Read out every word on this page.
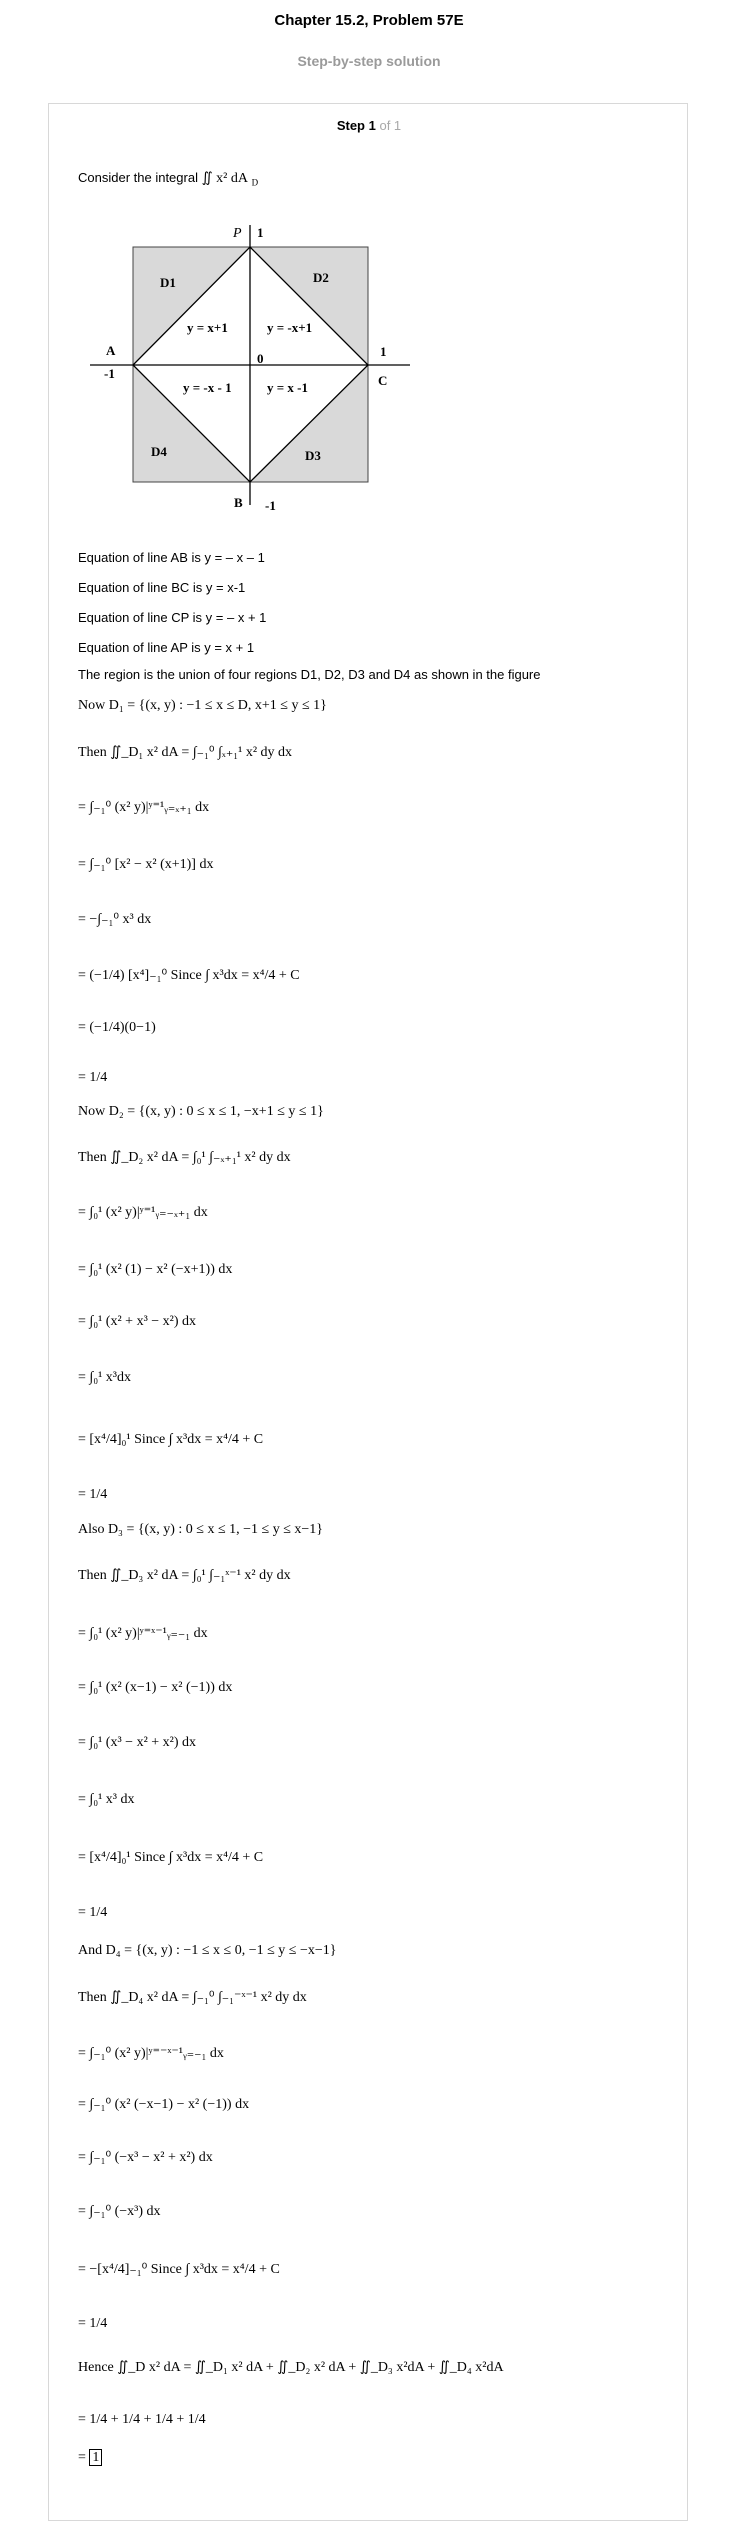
Chapter 15.2, Problem 57E
Step-by-step solution
Step 1 of 1
Consider the integral ∬ x² dA $_D$
P 1
A
-1
1
C
B -1
0
D1	D2
D3
D4
y = x+1	y = -x+1
y = -x - 1	y = x -1
Equation of line AB is y = – x – 1
Equation of line BC is y = x-1
Equation of line CP is y = – x + 1
Equation of line AP is y = x + 1
The region is the union of four regions D1, D2, D3 and D4 as shown in the figure
Now D₁ = {(x, y) : −1 ≤ x ≤ D, x+1 ≤ y ≤ 1}
Then ∬_D₁ x² dA = ∫₋₁⁰ ∫ₓ₊₁¹ x² dy dx
= ∫₋₁⁰ (x² y)|ʸ⁼¹ᵧ₌ₓ₊₁ dx
= ∫₋₁⁰ [x² − x² (x+1)] dx
= −∫₋₁⁰ x³ dx
= (−1/4) [x⁴]₋₁⁰ Since ∫ x³dx = x⁴/4 + C
= (−1/4)(0−1)
= 1/4
Now D₂ = {(x, y) : 0 ≤ x ≤ 1, −x+1 ≤ y ≤ 1}
Then ∬_D₂ x² dA = ∫₀¹ ∫₋ₓ₊₁¹ x² dy dx
= ∫₀¹ (x² y)|ʸ⁼¹ᵧ₌₋ₓ₊₁ dx
= ∫₀¹ (x² (1) − x² (−x+1)) dx
= ∫₀¹ (x² + x³ − x²) dx
= ∫₀¹ x³dx
= [x⁴/4]₀¹ Since ∫ x³dx = x⁴/4 + C
= 1/4
Also D₃ = {(x, y) : 0 ≤ x ≤ 1, −1 ≤ y ≤ x−1}
Then ∬_D₃ x² dA = ∫₀¹ ∫₋₁ˣ⁻¹ x² dy dx
= ∫₀¹ (x² y)|ʸ⁼ˣ⁻¹ᵧ₌₋₁ dx
= ∫₀¹ (x² (x−1) − x² (−1)) dx
= ∫₀¹ (x³ − x² + x²) dx
= ∫₀¹ x³ dx
= [x⁴/4]₀¹ Since ∫ x³dx = x⁴/4 + C
= 1/4
And D₄ = {(x, y) : −1 ≤ x ≤ 0, −1 ≤ y ≤ −x−1}
Then ∬_D₄ x² dA = ∫₋₁⁰ ∫₋₁⁻ˣ⁻¹ x² dy dx
= ∫₋₁⁰ (x² y)|ʸ⁼⁻ˣ⁻¹ᵧ₌₋₁ dx
= ∫₋₁⁰ (x² (−x−1) − x² (−1)) dx
= ∫₋₁⁰ (−x³ − x² + x²) dx
= ∫₋₁⁰ (−x³) dx
= −[x⁴/4]₋₁⁰ Since ∫ x³dx = x⁴/4 + C
= 1/4
Hence ∬_D x² dA = ∬_D₁ x² dA + ∬_D₂ x² dA + ∬_D₃ x²dA + ∬_D₄ x²dA
= 1/4 + 1/4 + 1/4 + 1/4
= 1
